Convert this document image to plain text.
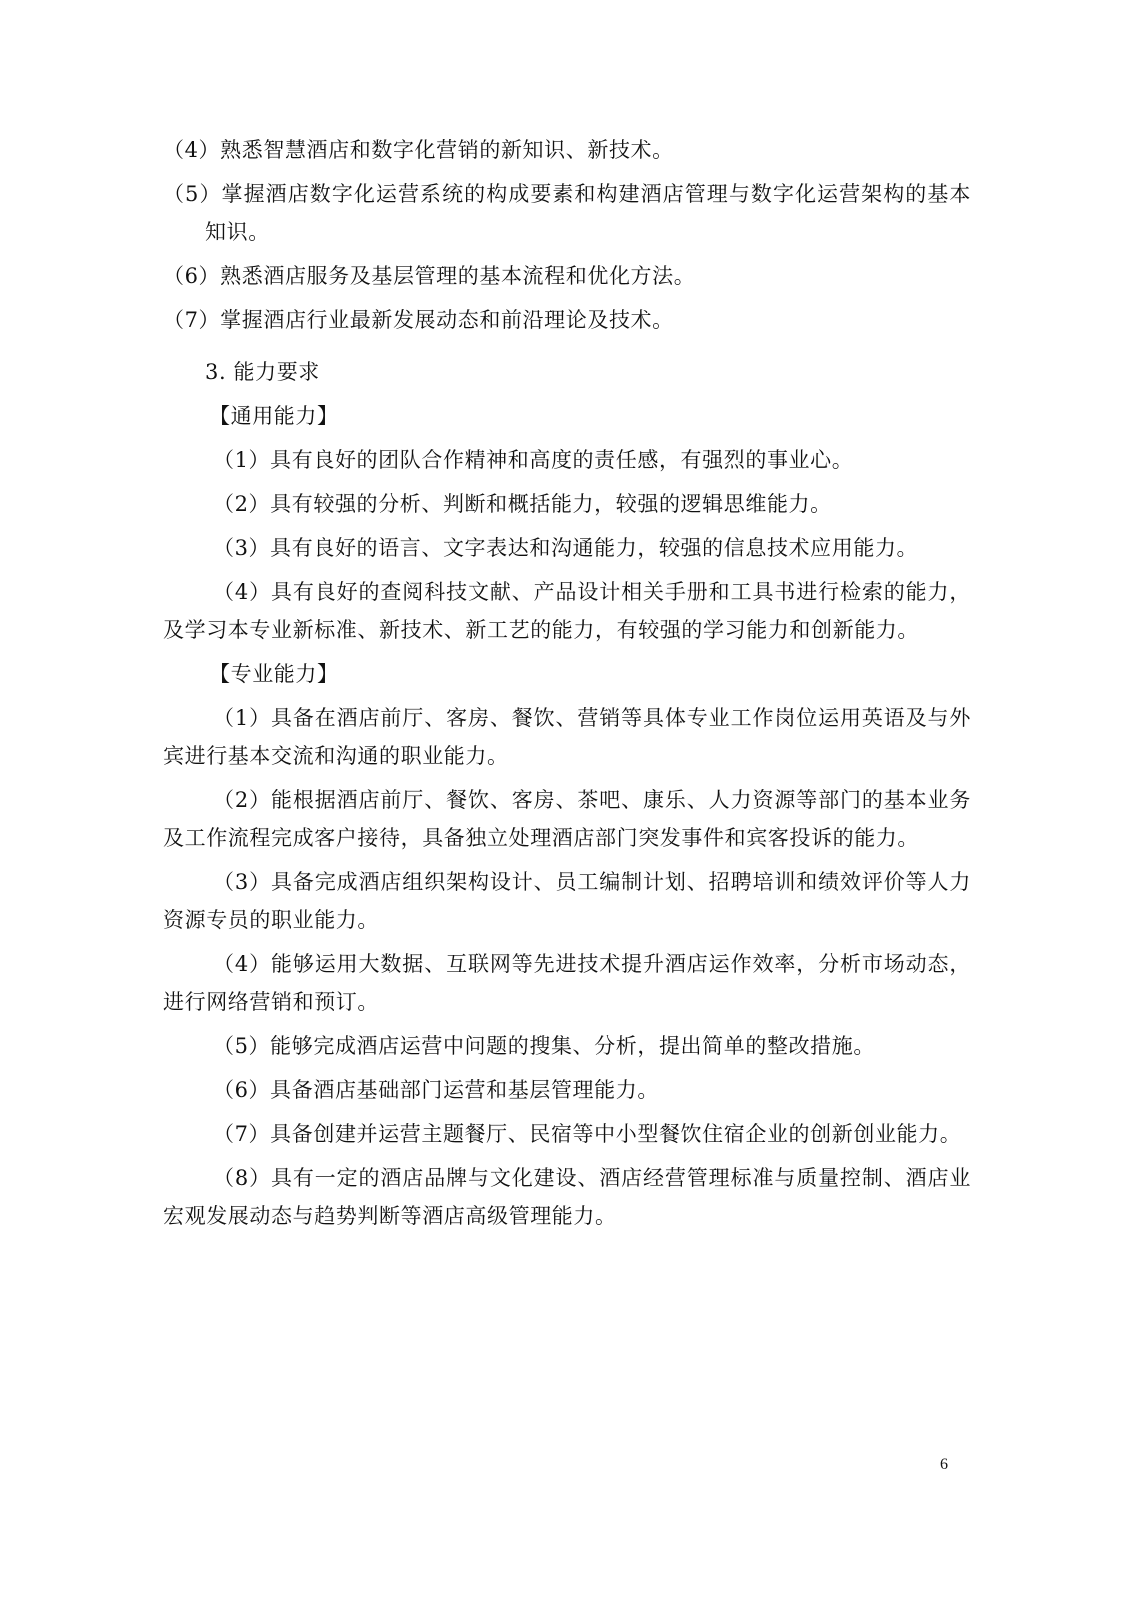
（4）熟悉智慧酒店和数字化营销的新知识、新技术。

（5）掌握酒店数字化运营系统的构成要素和构建酒店管理与数字化运营架构的基本知识。

（6）熟悉酒店服务及基层管理的基本流程和优化方法。

（7）掌握酒店行业最新发展动态和前沿理论及技术。

3. 能力要求
【通用能力】

（1）具有良好的团队合作精神和高度的责任感，有强烈的事业心。

（2）具有较强的分析、判断和概括能力，较强的逻辑思维能力。

（3）具有良好的语言、文字表达和沟通能力，较强的信息技术应用能力。

（4）具有良好的查阅科技文献、产品设计相关手册和工具书进行检索的能力，及学习本专业新标准、新技术、新工艺的能力，有较强的学习能力和创新能力。

【专业能力】

（1）具备在酒店前厅、客房、餐饮、营销等具体专业工作岗位运用英语及与外宾进行基本交流和沟通的职业能力。

（2）能根据酒店前厅、餐饮、客房、茶吧、康乐、人力资源等部门的基本业务及工作流程完成客户接待，具备独立处理酒店部门突发事件和宾客投诉的能力。

（3）具备完成酒店组织架构设计、员工编制计划、招聘培训和绩效评价等人力资源专员的职业能力。

（4）能够运用大数据、互联网等先进技术提升酒店运作效率，分析市场动态，进行网络营销和预订。

（5）能够完成酒店运营中问题的搜集、分析，提出简单的整改措施。

（6）具备酒店基础部门运营和基层管理能力。

（7）具备创建并运营主题餐厅、民宿等中小型餐饮住宿企业的创新创业能力。

（8）具有一定的酒店品牌与文化建设、酒店经营管理标准与质量控制、酒店业宏观发展动态与趋势判断等酒店高级管理能力。

6
